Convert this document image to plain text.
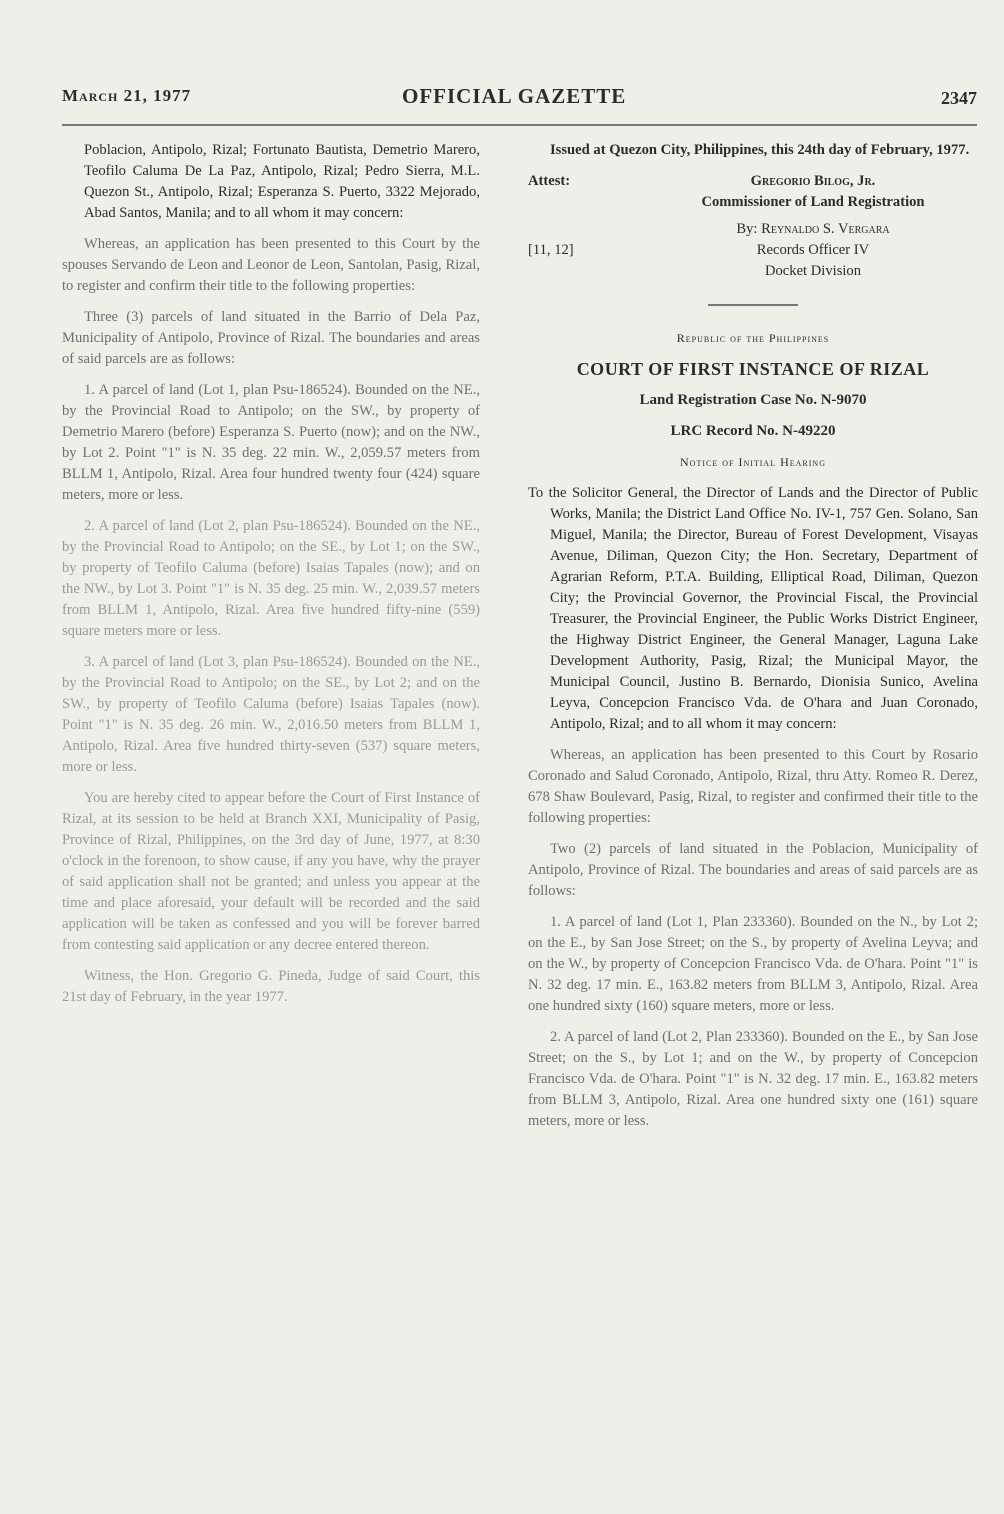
March 21, 1977	OFFICIAL GAZETTE	2347

Poblacion, Antipolo, Rizal; Fortunato Bautista, Demetrio Marero, Teofilo Caluma De La Paz, Antipolo, Rizal; Pedro Sierra, M.L. Quezon St., Antipolo, Rizal; Esperanza S. Puerto, 3322 Mejorado, Abad Santos, Manila; and to all whom it may concern:

Whereas, an application has been presented to this Court by the spouses Servando de Leon and Leonor de Leon, Santolan, Pasig, Rizal, to register and confirm their title to the following properties:

Three (3) parcels of land situated in the Barrio of Dela Paz, Municipality of Antipolo, Province of Rizal. The boundaries and areas of said parcels are as follows:

1. A parcel of land (Lot 1, plan Psu-186524). Bounded on the NE., by the Provincial Road to Antipolo; on the SW., by property of Demetrio Marero (before) Esperanza S. Puerto (now); and on the NW., by Lot 2. Point "1" is N. 35 deg. 22 min. W., 2,059.57 meters from BLLM 1, Antipolo, Rizal. Area four hundred twenty four (424) square meters, more or less.

2. A parcel of land (Lot 2, plan Psu-186524). Bounded on the NE., by the Provincial Road to Antipolo; on the SE., by Lot 1; on the SW., by property of Teofilo Caluma (before) Isaias Tapales (now); and on the NW., by Lot 3. Point "1" is N. 35 deg. 25 min. W., 2,039.57 meters from BLLM 1, Antipolo, Rizal. Area five hundred fifty-nine (559) square meters more or less.

3. A parcel of land (Lot 3, plan Psu-186524). Bounded on the NE., by the Provincial Road to Antipolo; on the SE., by Lot 2; and on the SW., by property of Teofilo Caluma (before) Isaias Tapales (now). Point "1" is N. 35 deg. 26 min. W., 2,016.50 meters from BLLM 1, Antipolo, Rizal. Area five hundred thirty-seven (537) square meters, more or less.

You are hereby cited to appear before the Court of First Instance of Rizal, at its session to be held at Branch XXI, Municipality of Pasig, Province of Rizal, Philippines, on the 3rd day of June, 1977, at 8:30 o'clock in the forenoon, to show cause, if any you have, why the prayer of said application shall not be granted; and unless you appear at the time and place aforesaid, your default will be recorded and the said application will be taken as confessed and you will be forever barred from contesting said application or any decree entered thereon.

Witness, the Hon. Gregorio G. Pineda, Judge of said Court, this 21st day of February, in the year 1977.

Issued at Quezon City, Philippines, this 24th day of February, 1977.

Attest:	Gregorio Bilog, Jr.
Commissioner of Land Registration
[11, 12]
By: Reynaldo S. Vergara
Records Officer IV
Docket Division

Republic of the Philippines

COURT OF FIRST INSTANCE OF RIZAL

Land Registration Case No. N-9070

LRC Record No. N-49220

Notice of Initial Hearing

To the Solicitor General, the Director of Lands and the Director of Public Works, Manila; the District Land Office No. IV-1, 757 Gen. Solano, San Miguel, Manila; the Director, Bureau of Forest Development, Visayas Avenue, Diliman, Quezon City; the Hon. Secretary, Department of Agrarian Reform, P.T.A. Building, Elliptical Road, Diliman, Quezon City; the Provincial Governor, the Provincial Fiscal, the Provincial Treasurer, the Provincial Engineer, the Public Works District Engineer, the Highway District Engineer, the General Manager, Laguna Lake Development Authority, Pasig, Rizal; the Municipal Mayor, the Municipal Council, Justino B. Bernardo, Dionisia Sunico, Avelina Leyva, Concepcion Francisco Vda. de O'hara and Juan Coronado, Antipolo, Rizal; and to all whom it may concern:

Whereas, an application has been presented to this Court by Rosario Coronado and Salud Coronado, Antipolo, Rizal, thru Atty. Romeo R. Derez, 678 Shaw Boulevard, Pasig, Rizal, to register and confirmed their title to the following properties:

Two (2) parcels of land situated in the Poblacion, Municipality of Antipolo, Province of Rizal. The boundaries and areas of said parcels are as follows:

1. A parcel of land (Lot 1, Plan 233360). Bounded on the N., by Lot 2; on the E., by San Jose Street; on the S., by property of Avelina Leyva; and on the W., by property of Concepcion Francisco Vda. de O'hara. Point "1" is N. 32 deg. 17 min. E., 163.82 meters from BLLM 3, Antipolo, Rizal. Area one hundred sixty (160) square meters, more or less.

2. A parcel of land (Lot 2, Plan 233360). Bounded on the E., by San Jose Street; on the S., by Lot 1; and on the W., by property of Concepcion Francisco Vda. de O'hara. Point "1" is N. 32 deg. 17 min. E., 163.82 meters from BLLM 3, Antipolo, Rizal. Area one hundred sixty one (161) square meters, more or less.
